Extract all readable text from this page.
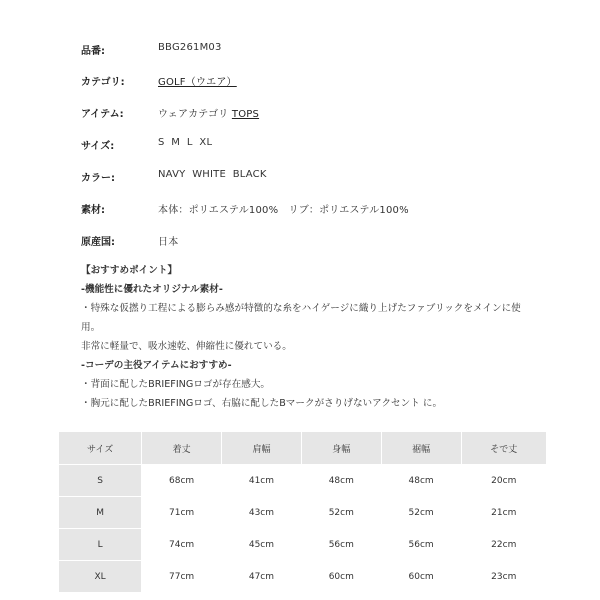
品番:	BBG261M03
カテゴリ:	GOLF（ウエア）
アイテム:	ウェアカテゴリ TOPS
サイズ:	S  M  L  XL
カラー:	NAVY  WHITE  BLACK
素材:	本体：ポリエステル100%　リブ：ポリエステル100%
原産国:	日本
【おすすめポイント】
-機能性に優れたオリジナル素材-
・特殊な仮撚り工程による膨らみ感が特徴的な糸をハイゲージに織り上げたファブリックをメインに使
用。
非常に軽量で、吸水速乾、伸縮性に優れている。
-コーデの主役アイテムにおすすめ-
・背面に配したBRIEFINGロゴが存在感大。
・胸元に配したBRIEFINGロゴ、右脇に配したBマークがさりげないアクセント に。
サイズ	着丈	肩幅	身幅	裾幅	そで丈
S	68cm	41cm	48cm	48cm	20cm
M	71cm	43cm	52cm	52cm	21cm
L	74cm	45cm	56cm	56cm	22cm
XL	77cm	47cm	60cm	60cm	23cm
